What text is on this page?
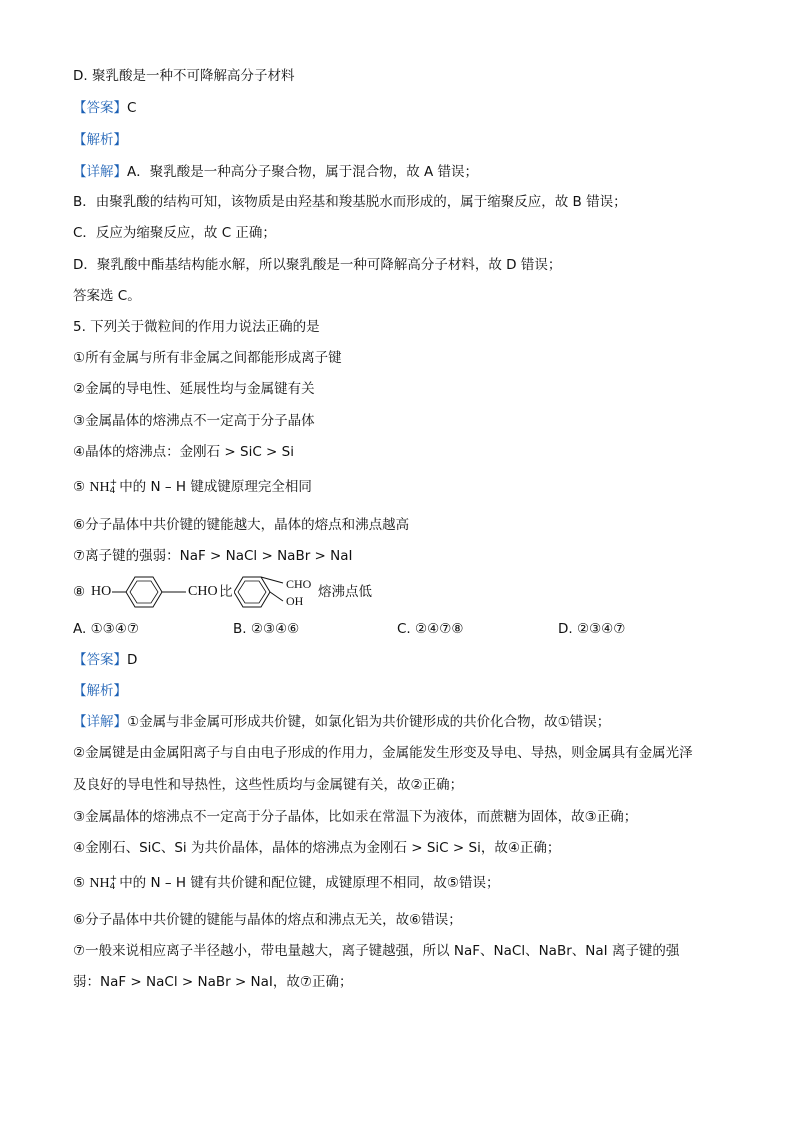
D. 聚乳酸是一种不可降解高分子材料
【答案】C
【解析】
【详解】A．聚乳酸是一种高分子聚合物，属于混合物，故 A 错误；
B．由聚乳酸的结构可知，该物质是由羟基和羧基脱水而形成的，属于缩聚反应，故 B 错误；
C．反应为缩聚反应，故 C 正确；
D．聚乳酸中酯基结构能水解，所以聚乳酸是一种可降解高分子材料，故 D 错误；
答案选 C。
5. 下列关于微粒间的作用力说法正确的是
①所有金属与所有非金属之间都能形成离子键
②金属的导电性、延展性均与金属键有关
③金属晶体的熔沸点不一定高于分子晶体
④晶体的熔沸点：金刚石 > SiC > Si
⑤ NH +
4 中的 N – H 键成键原理完全相同
⑥分子晶体中共价键的键能越大，晶体的熔点和沸点越高
⑦离子键的强弱：NaF > NaCl > NaBr > NaI
⑧ HO	CHO 比	CHO
OH
熔沸点低
A. ①③④⑦	B. ②③④⑥	C. ②④⑦⑧	D. ②③④⑦
【答案】D
【解析】
【详解】①金属与非金属可形成共价键，如氯化铝为共价键形成的共价化合物，故①错误；
②金属键是由金属阳离子与自由电子形成的作用力，金属能发生形变及导电、导热，则金属具有金属光泽
及良好的导电性和导热性，这些性质均与金属键有关，故②正确；
③金属晶体的熔沸点不一定高于分子晶体，比如汞在常温下为液体，而蔗糖为固体，故③正确；
④金刚石、SiC、Si 为共价晶体，晶体的熔沸点为金刚石 > SiC > Si，故④正确；
⑤ NH +
4 中的 N – H 键有共价键和配位键，成键原理不相同，故⑤错误；
⑥分子晶体中共价键的键能与晶体的熔点和沸点无关，故⑥错误；
⑦一般来说相应离子半径越小，带电量越大，离子键越强，所以 NaF、NaCl、NaBr、NaI 离子键的强
弱：NaF > NaCl > NaBr > NaI，故⑦正确；
